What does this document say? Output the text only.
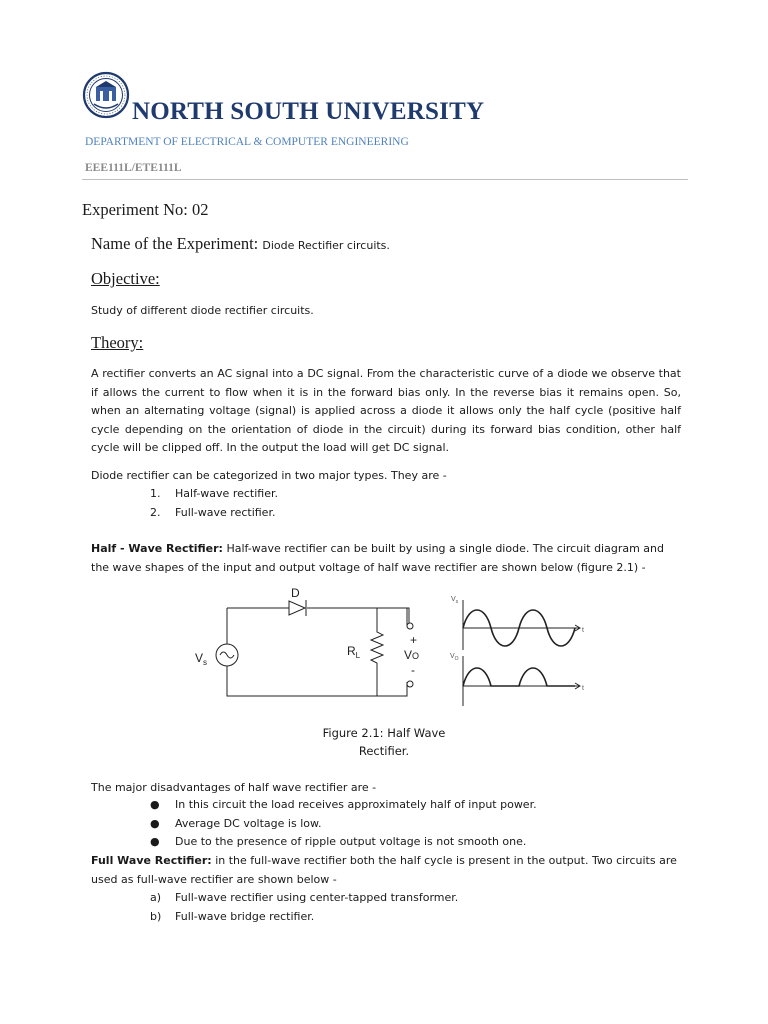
NORTH SOUTH UNIVERSITY
DEPARTMENT OF ELECTRICAL & COMPUTER ENGINEERING
EEE111L/ETE111L
Experiment No: 02
Name of the Experiment: Diode Rectifier circuits.
Objective:
Study of different diode rectifier circuits.
Theory:
A rectifier converts an AC signal into a DC signal. From the characteristic curve of a diode we observe that if allows the current to flow when it is in the forward bias only. In the reverse bias it remains open. So, when an alternating voltage (signal) is applied across a diode it allows only the half cycle (positive half cycle depending on the orientation of diode in the circuit) during its forward bias condition, other half cycle will be clipped off. In the output the load will get DC signal.
Diode rectifier can be categorized in two major types. They are -
1.	Half-wave rectifier.
2.	Full-wave rectifier.
Half - Wave Rectifier: Half-wave rectifier can be built by using a single diode. The circuit diagram and the wave shapes of the input and output voltage of half wave rectifier are shown below (figure 2.1) -
D
$V_s$
$R_L$
+
VO
-
$V_s$
t
$V_O$
t
Figure 2.1: Half Wave
Rectifier.
The major disadvantages of half wave rectifier are -
●	In this circuit the load receives approximately half of input power.
●	Average DC voltage is low.
●	Due to the presence of ripple output voltage is not smooth one.
Full Wave Rectifier: in the full-wave rectifier both the half cycle is present in the output. Two circuits are used as full-wave rectifier are shown below -
a)	Full-wave rectifier using center-tapped transformer.
b)	Full-wave bridge rectifier.
